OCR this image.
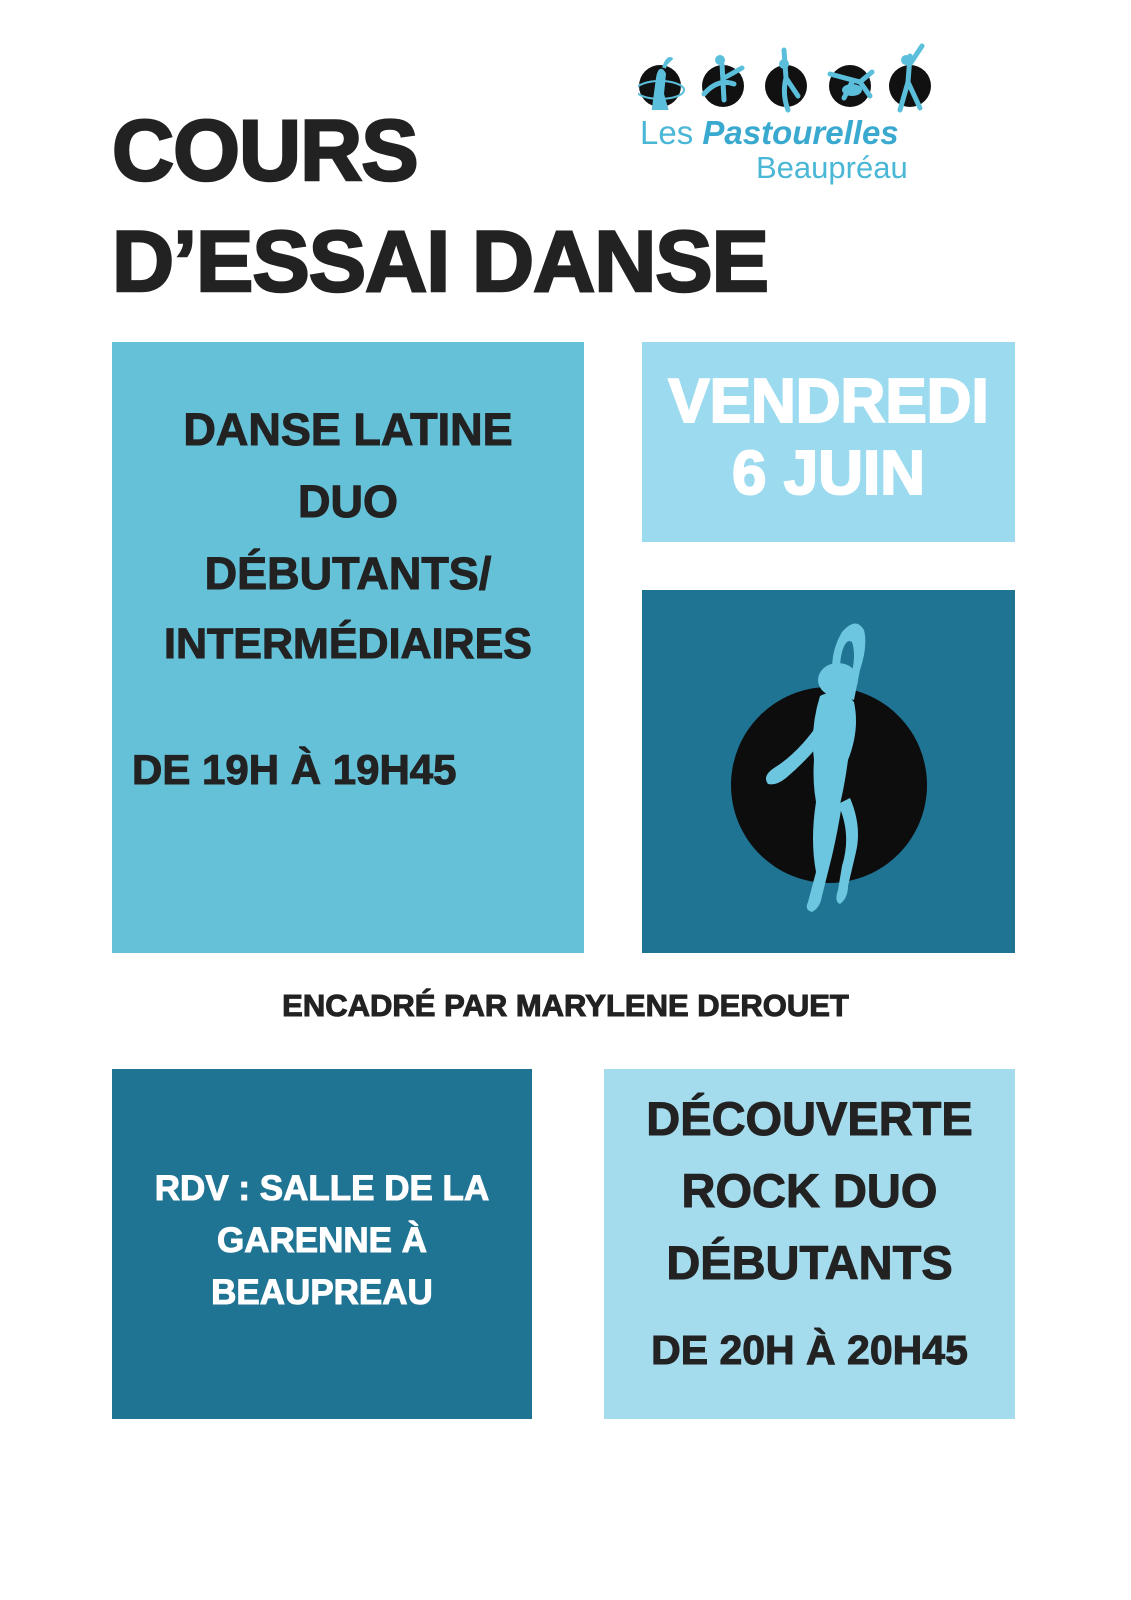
COURS
D’ESSAI DANSE
Les Pastourelles
Beaupréau
DANSE LATINE
DUO
DÉBUTANTS/
INTERMÉDIAIRES
DE 19H À 19H45
VENDREDI
6 JUIN
ENCADRÉ PAR MARYLENE DEROUET
RDV : SALLE DE LA
GARENNE À
BEAUPREAU
DÉCOUVERTE
ROCK DUO
DÉBUTANTS
DE 20H À 20H45
